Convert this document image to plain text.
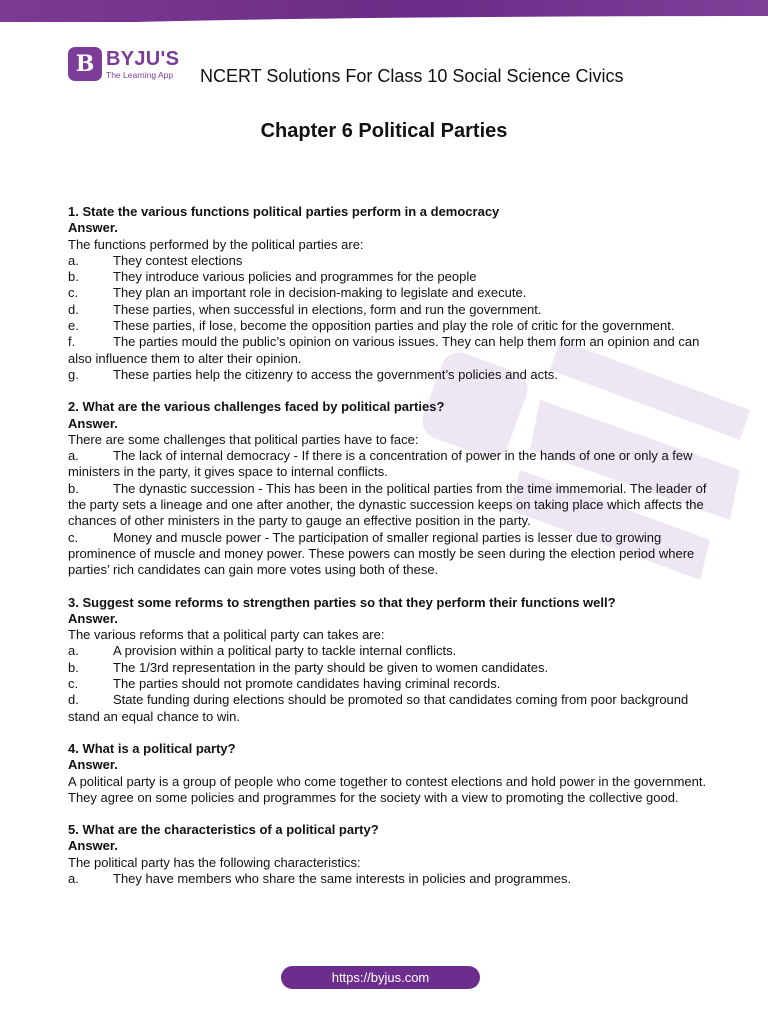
B BYJU'S
The Learning App	NCERT Solutions For Class 10 Social Science Civics
Chapter 6 Political Parties
1. State the various functions political parties perform in a democracy
Answer.
The functions performed by the political parties are:
a.	They contest elections
b.	They introduce various policies and programmes for the people
c.	They plan an important role in decision-making to legislate and execute.
d.	These parties, when successful in elections, form and run the government.
e.	These parties, if lose, become the opposition parties and play the role of critic for the government.
f.	The parties mould the public’s opinion on various issues. They can help them form an opinion and can also influence them to alter their opinion.
g.	These parties help the citizenry to access the government’s policies and acts.
2. What are the various challenges faced by political parties?
Answer.
There are some challenges that political parties have to face:
a.	The lack of internal democracy - If there is a concentration of power in the hands of one or only a few ministers in the party, it gives space to internal conflicts.
b.	The dynastic succession - This has been in the political parties from the time immemorial. The leader of the party sets a lineage and one after another, the dynastic succession keeps on taking place which affects the chances of other ministers in the party to gauge an effective position in the party.
c.	Money and muscle power - The participation of smaller regional parties is lesser due to growing prominence of muscle and money power. These powers can mostly be seen during the election period where parties’ rich candidates can gain more votes using both of these.
3. Suggest some reforms to strengthen parties so that they perform their functions well?
Answer.
The various reforms that a political party can takes are:
a.	A provision within a political party to tackle internal conflicts.
b.	The 1/3rd representation in the party should be given to women candidates.
c.	The parties should not promote candidates having criminal records.
d.	State funding during elections should be promoted so that candidates coming from poor background stand an equal chance to win.
4. What is a political party?
Answer.
A political party is a group of people who come together to contest elections and hold power in the government. They agree on some policies and programmes for the society with a view to promoting the collective good.
5. What are the characteristics of a political party?
Answer.
The political party has the following characteristics:
a.	They have members who share the same interests in policies and programmes.
https://byjus.com
